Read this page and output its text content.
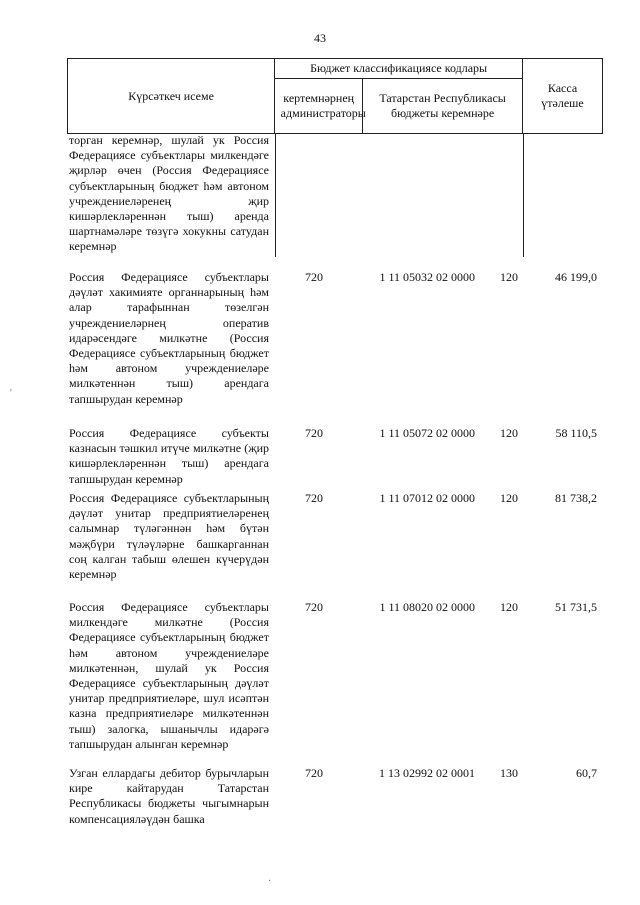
43
Күрсәткеч исеме	Бюджет классификациясе кодлары		Касса үтәлеше
	кертемнәрнең администраторы	Татарстан Республикасы бюджеты керемнәре	
торган керемнәр, шулай ук Россия Федерациясе субъектлары милкендәге җирләр өчен (Россия Федерациясе субъектларының бюджет һәм автоном учреждениеләренең җир кишәрлекләреннән тыш) аренда шартнамәләре төзүгә хокукны сатудан керемнәр
Россия Федерациясе субъектлары дәүләт хакимияте органнарының һәм алар тарафыннан төзелгән учреждениеләрнең оператив идарәсендәге милкәтне (Россия Федерациясе субъектларының бюджет һәм автоном учреждениеләре милкәтеннән тыш) арендага тапшырудан керемнәр
720	1 11 05032 02 0000	120	46 199,0
Россия Федерациясе субъекты казнасын тәшкил итүче милкәтне (җир кишәрлекләреннән тыш) арендага тапшырудан керемнәр
720	1 11 05072 02 0000	120	58 110,5
Россия Федерациясе субъектларының дәүләт унитар предприятиеләренең салымнар түләгәннән һәм бүтән мәҗбүри түләүләрне башкарганнан соң калган табыш өлешен күчерүдән керемнәр
720	1 11 07012 02 0000	120	81 738,2
Россия Федерациясе субъектлары милкендәге милкәтне (Россия Федерациясе субъектларының бюджет һәм автоном учреждениеләре милкәтеннән, шулай ук Россия Федерациясе субъектларының дәүләт унитар предприятиеләре, шул исәптән казна предприятиеләре милкәтеннән тыш) залогка, ышанычлы идарәгә тапшырудан алынган керемнәр
720	1 11 08020 02 0000	120	51 731,5
Узган еллардагы дебитор бурычларын кире кайтарудан Татарстан Республикасы бюджеты чыгымнарын компенсацияләүдән башка
720	1 13 02992 02 0001	130	60,7
'
·
